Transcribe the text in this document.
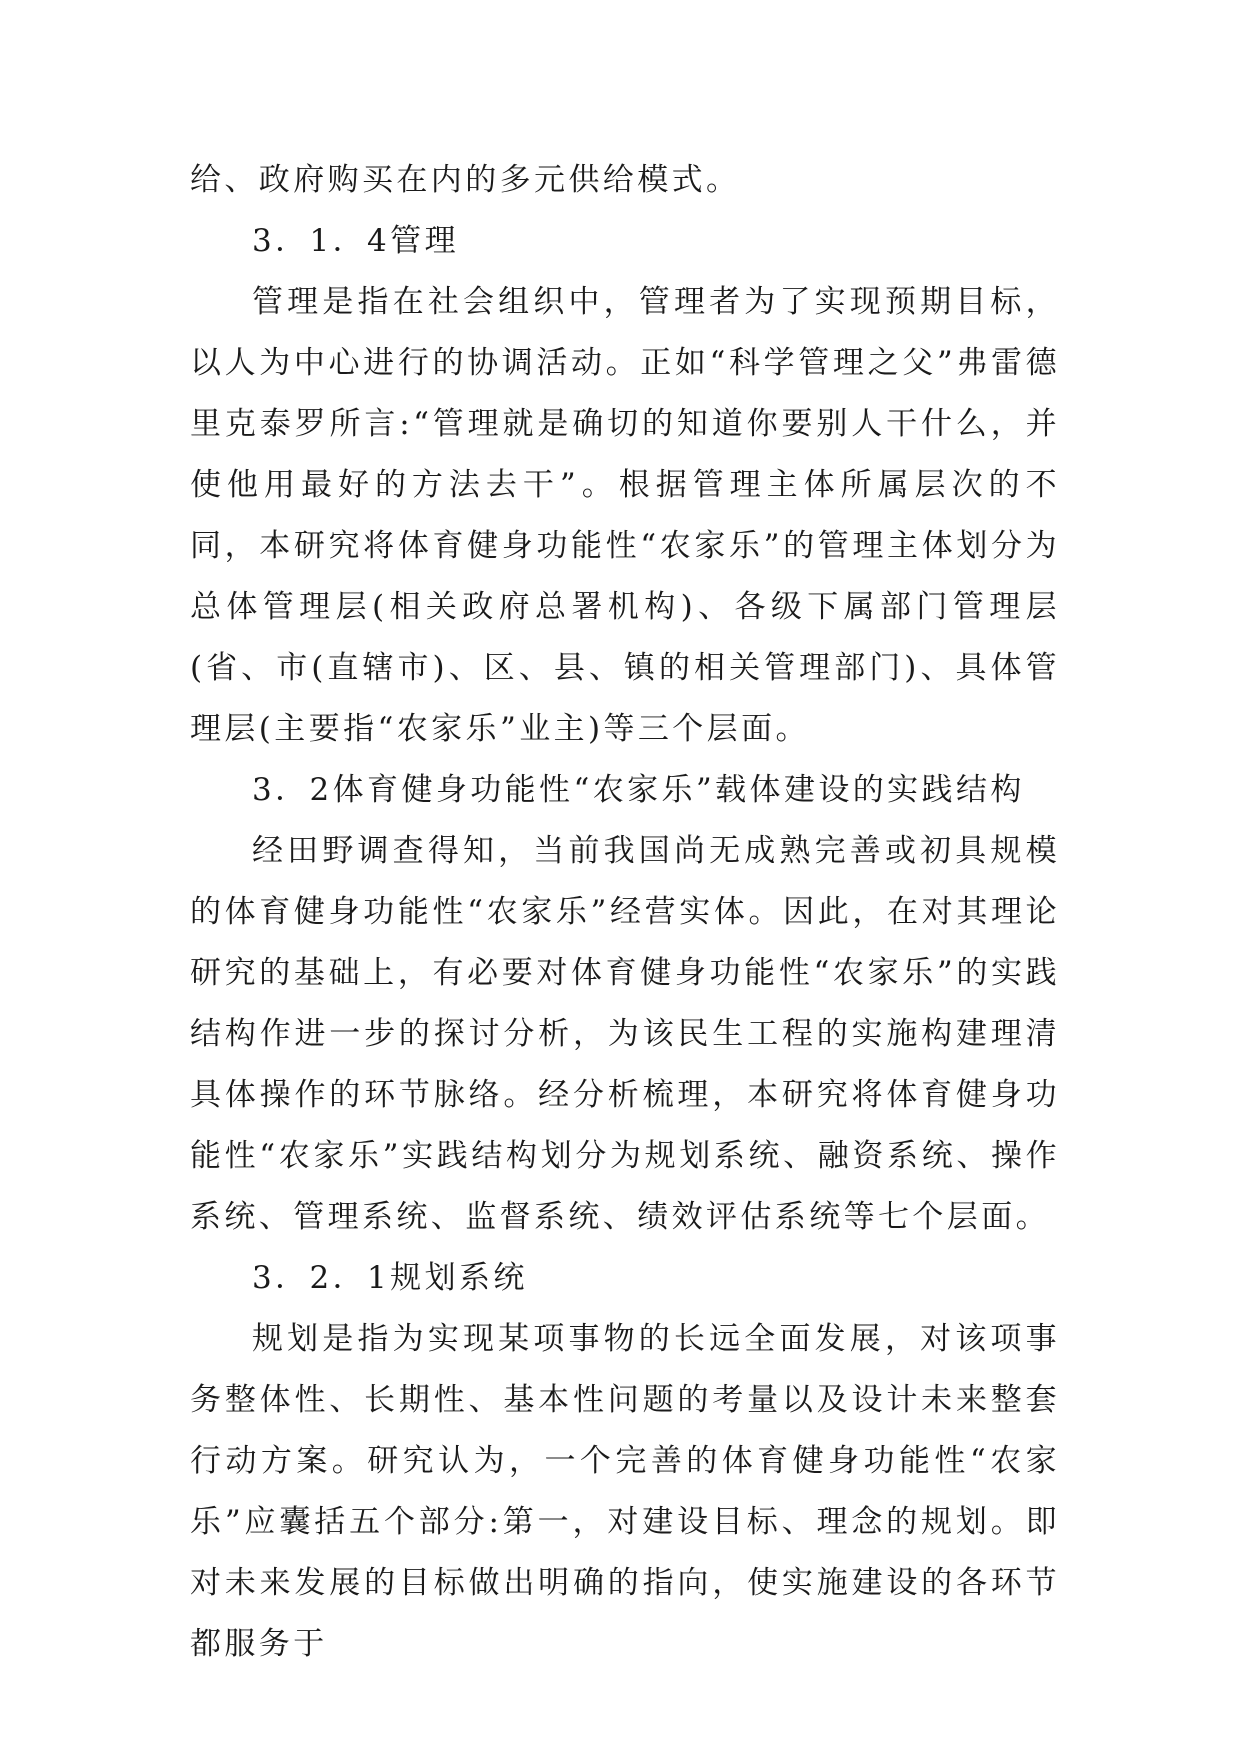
给、政府购买在内的多元供给模式。

3．1．4管理

管理是指在社会组织中，管理者为了实现预期目标，以人为中心进行的协调活动。正如“科学管理之父”弗雷德里克泰罗所言:“管理就是确切的知道你要别人干什么，并使他用最好的方法去干”。根据管理主体所属层次的不同，本研究将体育健身功能性“农家乐”的管理主体划分为总体管理层(相关政府总署机构)、各级下属部门管理层(省、市(直辖市)、区、县、镇的相关管理部门)、具体管理层(主要指“农家乐”业主)等三个层面。

3．2体育健身功能性“农家乐”载体建设的实践结构

经田野调查得知，当前我国尚无成熟完善或初具规模的体育健身功能性“农家乐”经营实体。因此，在对其理论研究的基础上，有必要对体育健身功能性“农家乐”的实践结构作进一步的探讨分析，为该民生工程的实施构建理清具体操作的环节脉络。经分析梳理，本研究将体育健身功能性“农家乐”实践结构划分为规划系统、融资系统、操作系统、管理系统、监督系统、绩效评估系统等七个层面。

3．2．1规划系统

规划是指为实现某项事物的长远全面发展，对该项事务整体性、长期性、基本性问题的考量以及设计未来整套行动方案。研究认为，一个完善的体育健身功能性“农家乐”应囊括五个部分:第一，对建设目标、理念的规划。即对未来发展的目标做出明确的指向，使实施建设的各环节都服务于
